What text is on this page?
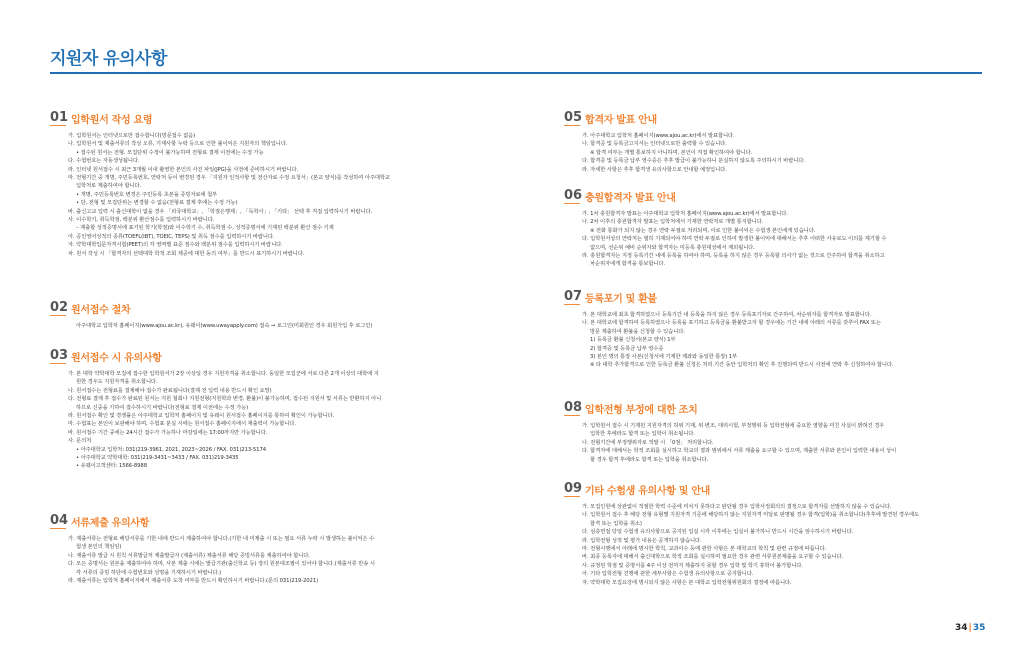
지원자 유의사항
01 입학원서 작성 요령
가. 입학원서는 인터넷으로만 접수합니다(방문접수 없음)
나. 입학원서 및 제출서류의 작성 오류, 기재사항 누락 등으로 인한 불이익은 지원자의 책임입니다.
• 접수된 원서는 전형, 모집단위 수정이 불가능하며 전형료 결제 이전에는 수정 가능
다. 수험번호는 자동생성됩니다.
라. 인터넷 원서접수 시 최근 3개월 이내 촬영한 본인의 사진 파일(JPG)을 사전에 준비하시기 바랍니다.
마. 전형기간 중 개명, 주민등록번호, 연락처 등이 변경된 경우 「지원자 인적사항 및 전산자료 수정 요청서」(본교 양식)를 작성하여 아주대학교
입학처로 제출하여야 합니다.
• 개명, 주민등록번호 변경은 주민등록 초본을 증빙자료에 첨부
• 단, 전형 및 모집단위는 변경할 수 없음(전형료 결제 후에는 수정 가능)
바. 출신고교 입력 시 출신대학이 없을 경우 「외국대학교」, 「학점은행제」, 「독학사」, 「기타」 선택 후 직접 입력하시기 바랍니다.
사. 이수학기, 취득학점, 백분위 환산점수를 입력하시기 바랍니다.
– 제출할 성적증명서에 표기된 학기(학점)와 이수학기 수, 취득학점 수, 성적증명서에 기재된 백분위 환산 점수 기재
아. 공인영어성적의 종류(TOEFL(IBT), TOEIC, TEPS) 및 취득 점수를 입력하시기 바랍니다.
자. 약학대학입문자격시험(PEET)의 각 영역별 표준 점수와 백분위 점수를 입력하시기 바랍니다.
차. 원서 작성 시 「합격자의 선택대학 학적 조회 제공에 대한 동의 여부」를 반드시 표기하시기 바랍니다.
02 원서접수 절차
아주대학교 입학처 홈페이지(www.ajou.ac.kr), 유웨이(www.uwayapply.com) 접속 → 로그인(미회원인 경우 회원가입 후 로그인)
03 원서접수 시 유의사항
가. 본 대학 약학대학 모집에 접수한 입학원서가 2장 이상일 경우 지원자격을 취소합니다. 동일한 모집군에 서로 다른 2개 이상의 대학에 지
원한 경우도 지원자격을 취소합니다.
나. 원서접수는 전형료를 결제해야 접수가 완료됩니다(결제 전 입력 내용 반드시 확인 요망)
다. 전형료 결제 후 접수가 완료된 원서는 지원 철회나 지원전형(지원학과 변경, 환불)이 불가능하며, 접수된 지원서 및 서류는 반환하지 아니
하므로 신중을 기하여 접수하시기 바랍니다(전형료 결제 이전에는 수정 가능)
라. 원서접수 확인 및 경쟁률은 아주대학교 입학처 홈페이지 및 유웨이 원서접수 홈페이지를 통하여 확인이 가능합니다.
마. 수험표는 본인이 보관해야 하며, 수험표 분실 시에는 원서접수 홈페이지에서 재출력이 가능합니다.
바. 원서접수 기간 중에는 24시간 접수가 가능하나 마감일에는 17:00까지만 가능합니다.
사. 문의처
• 아주대학교 입학처: 031)219-3961, 2021, 2023~2026 / FAX. 031)213-5174
• 아주대학교 약학대학: 031)219-3431~3433 / FAX. 031)219-3435
• 유웨이고객센터: 1566-8988
04 서류제출 유의사항
가. 제출서류는 전형료 해당서류를 기한 내에 반드시 제출하여야 합니다.(기한 내 미제출 시 또는 필요 서류 누락 시 발생하는 불이익은 수
험생 본인의 책임임)
나. 제출서류 발급 시 원칙 서류발급처 제출발급자 (제출서류) 제출서류 해당 증빙서류를 제출하여야 합니다.
다. 모든 증명서는 원본을 제출하여야 하며, 사본 제출 시에는 발급기관(출신학교 등) 장의 원본대조필이 있어야 합니다.(제출서류 반송 시
각 서류의 증빙 하단에 수험번호와 성명을 기재하시기 바랍니다.)
라. 제출서류는 입학처 홈페이지에서 제출서류 도착 여부를 반드시 확인하시기 바랍니다.(문의 031)219-2021)
05 합격자 발표 안내
가. 아주대학교 입학처 홈페이지(www.ajou.ac.kr)에서 발표합니다.
나. 합격증 및 등록금고지서는 인터넷으로만 출력할 수 있습니다.
※ 합격 여부는 개별 통보하지 아니하며, 본인이 직접 확인하여야 합니다.
다. 합격증 및 등록금 납부 영수증은 추후 발급이 불가능하니 분실하지 않도록 주의하시기 바랍니다.
라. 자세한 사항은 추후 합격생 유의사항으로 안내할 예정입니다.
06 충원합격자 발표 안내
가. 1차 충원합격자 발표는 아주대학교 입학처 홈페이지(www.ajou.ac.kr)에서 발표합니다.
나. 2차 이후의 충원합격자 발표는 입학처에서 기재한 연락처로 개별 통지합니다.
※ 전화 통화가 되지 않는 경우 연락 두절로 처리되며, 이로 인한 불이익은 수험생 본인에게 있습니다.
다. 입학원서상의 연락처는 필히 기재되어야 하며 연락 두절로 인하여 발생한 불이익에 대해서는 추후 어떠한 사유로도 이의를 제기할 수
없으며, 선순위 예비 순위자와 합격자는 미등록 충원대상에서 제외됩니다.
라. 충원합격자는 지정 등록기간 내에 등록을 하여야 하며, 등록을 하지 않은 경우 등록할 의사가 없는 것으로 간주하여 합격을 취소하고
차순위자에게 합격을 통보합니다.
07 등록포기 및 환불
가. 본 대학교에 최초 합격하였으나 등록기간 내 등록을 하지 않은 경우 등록포기자로 간주하여, 차순위자를 합격자로 발표합니다.
나. 본 대학교에 합격하여 등록하였으나 등록을 포기하고 등록금을 환불받고자 할 경우에는 기간 내에 아래의 서류를 갖추어 FAX 또는
방문 제출하여 환불을 신청할 수 있습니다.
1) 등록금 환불 신청서(본교 양식) 1부
2) 합격증 및 등록금 납부 영수증
3) 본인 명의 통장 사본(신청서에 기재한 계좌와 동일한 통장) 1부
※ 타 대학 추가합격으로 인한 등록금 환불 신청은 처리 기간 동안 입학처의 확인 후 진행되며 반드시 사전에 연락 후 신청하여야 합니다.
08 입학전형 부정에 대한 조치
가. 입학원서 접수 시 기재된 지원자격의 허위 기재, 위·변조, 대리시험, 부정행위 등 입학전형에 중요한 영향을 미친 사실이 밝혀진 경우
입학한 후에라도 합격 또는 입학이 취소됩니다.
나. 전형기간에 부정행위자로 적발 시 「0점」 처리합니다.
다. 합격자에 대해서는 학적 조회를 실시하고 학교의 결과 범위에서 서류 제출을 요구할 수 있으며, 제출한 서류와 본인이 입력한 내용이 상이
할 경우 합격 후에라도 합격 또는 입학을 취소합니다.
09 기타 수험생 유의사항 및 안내
가. 모집인원에 상관없이 적절한 학력 수준에 미치지 못하다고 판단될 경우 입학사정회의의 결정으로 합격자를 선발하지 않을 수 있습니다.
나. 입학원서 접수 후 해당 전형 유형별 지원자격 기준에 해당하지 않는 지원자격 미달로 판명될 경우 합격(입학)을 취소합니다(추후에 발견된 경우에도
합격 또는 입학을 취소)
다. 심층면접 당일 수험생 유의사항으로 공지된 입실 시각 이후에는 입실이 불가하니 반드시 시간을 엄수하시기 바랍니다.
라. 입학전형 성적 및 평가 내용은 공개하지 않습니다.
마. 전형시행에서 아래에 명시한 학칙, 교과이수 등에 관한 사항은 본 대학교의 학칙 및 관련 규정에 따릅니다.
바. 최종 등록자에 대해서 출신대학으로 학적 조회를 실시하며 필요한 경우 관련 서류원본제출을 요구할 수 있습니다.
사. 규정된 학점 및 증명서를 4주 이상 전까지 제출하지 못할 경우 입학 및 학기 휴학이 불가합니다.
아. 기타 입학전형 진행에 관한 세부사항은 수험생 유의사항으로 공지합니다.
자. 약학대학 모집요강에 명시되지 않은 사항은 본 대학교 입학전형위원회의 결정에 따릅니다.
34|35
